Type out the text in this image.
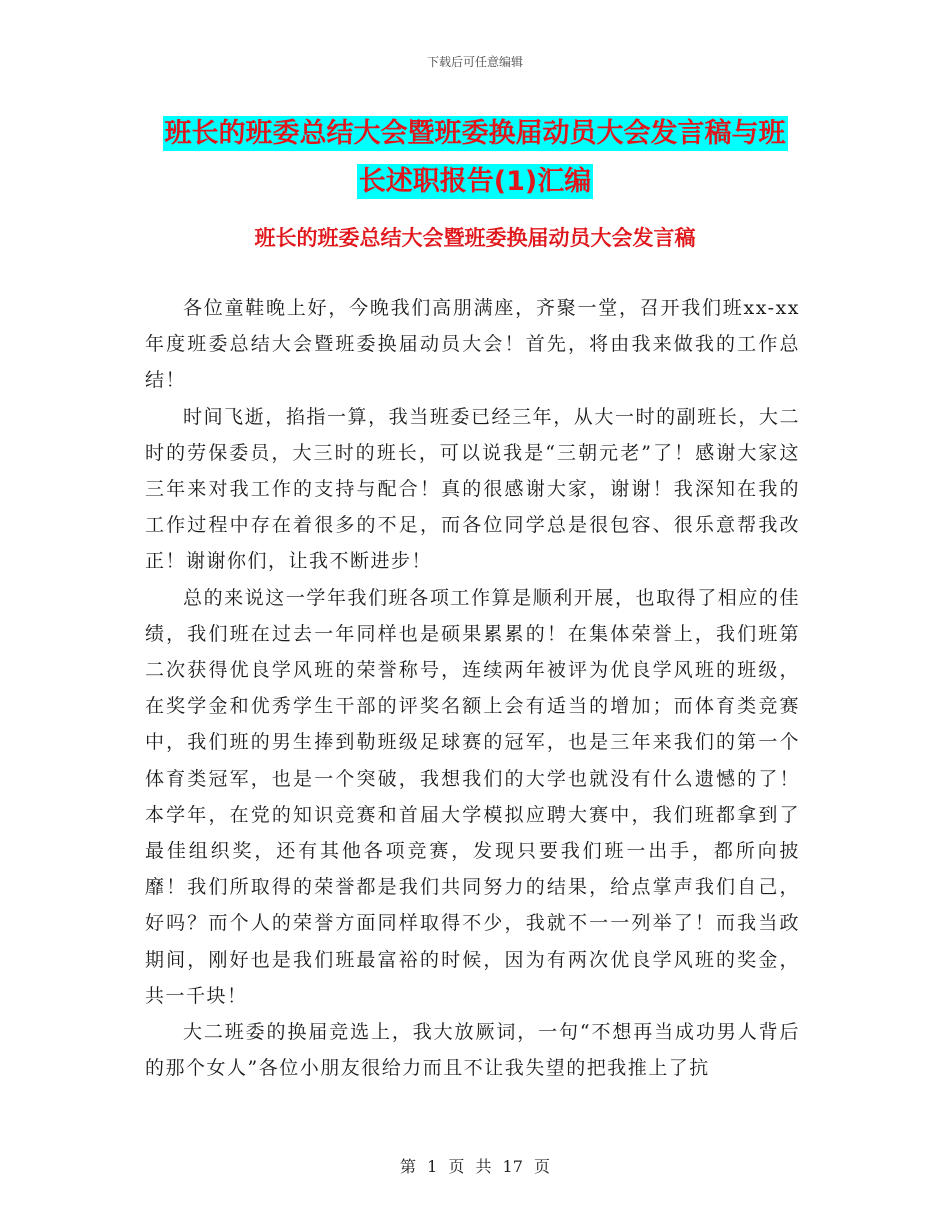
下载后可任意编辑
班长的班委总结大会暨班委换届动员大会发言稿与班
长述职报告(1)汇编
班长的班委总结大会暨班委换届动员大会发言稿

各位童鞋晚上好，今晚我们高朋满座，齐聚一堂，召开我们班xx-xx年度班委总结大会暨班委换届动员大会！首先，将由我来做我的工作总结！

时间飞逝，掐指一算，我当班委已经三年，从大一时的副班长，大二时的劳保委员，大三时的班长，可以说我是“三朝元老”了！感谢大家这三年来对我工作的支持与配合！真的很感谢大家，谢谢！我深知在我的工作过程中存在着很多的不足，而各位同学总是很包容、很乐意帮我改正！谢谢你们，让我不断进步！

总的来说这一学年我们班各项工作算是顺利开展，也取得了相应的佳绩，我们班在过去一年同样也是硕果累累的！在集体荣誉上，我们班第二次获得优良学风班的荣誉称号，连续两年被评为优良学风班的班级，在奖学金和优秀学生干部的评奖名额上会有适当的增加；而体育类竞赛中，我们班的男生捧到勒班级足球赛的冠军，也是三年来我们的第一个体育类冠军，也是一个突破，我想我们的大学也就没有什么遗憾的了！本学年，在党的知识竞赛和首届大学模拟应聘大赛中，我们班都拿到了最佳组织奖，还有其他各项竞赛，发现只要我们班一出手，都所向披靡！我们所取得的荣誉都是我们共同努力的结果，给点掌声我们自己，好吗？而个人的荣誉方面同样取得不少，我就不一一列举了！而我当政期间，刚好也是我们班最富裕的时候，因为有两次优良学风班的奖金，共一千块！

大二班委的换届竞选上，我大放厥词，一句“不想再当成功男人背后的那个女人”各位小朋友很给力而且不让我失望的把我推上了抗

第 1 页 共 17 页
